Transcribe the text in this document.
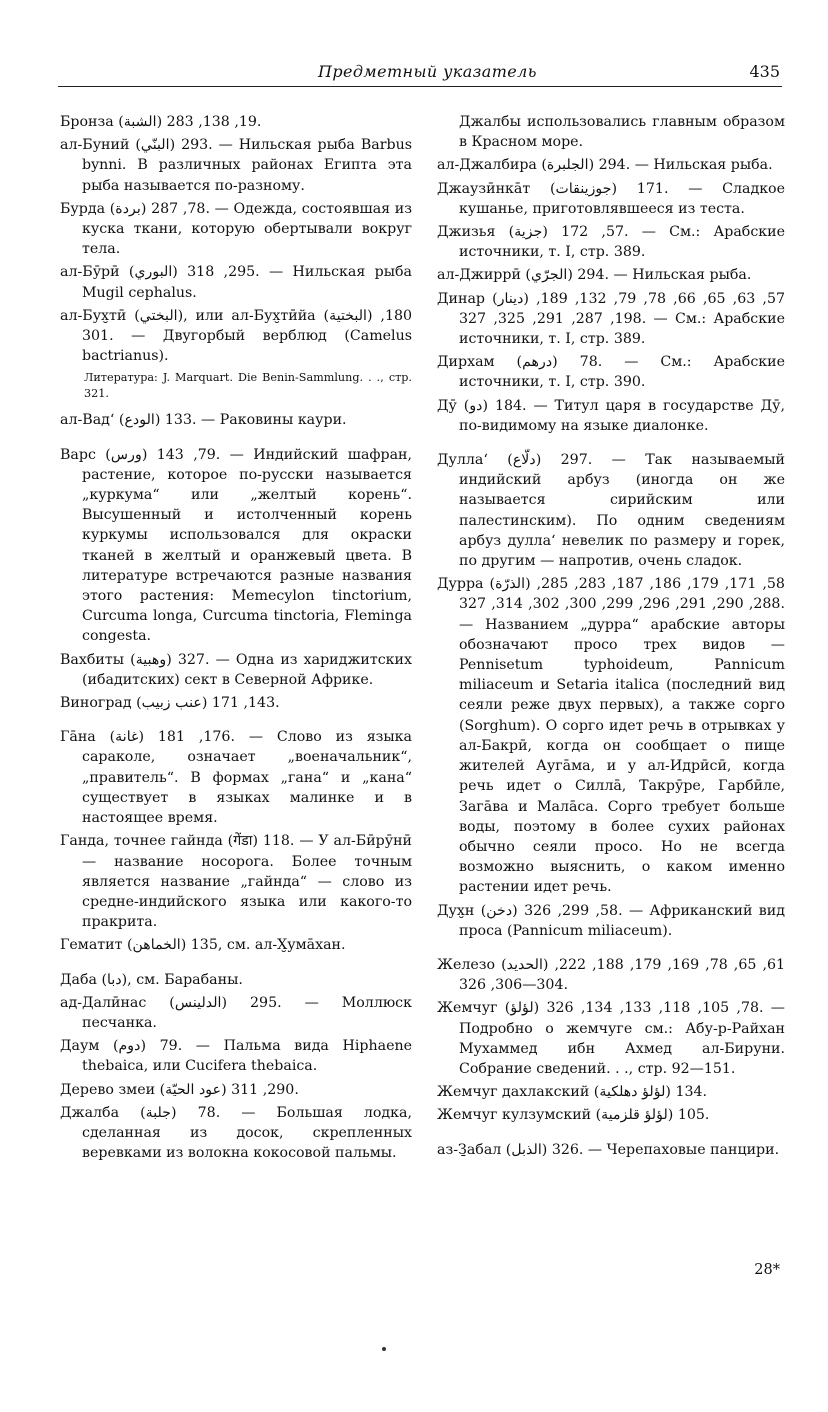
Предметный указатель	435
Бронза (الشبة) 19, 138, 283.
ал-Буний (البنّي) 293. — Нильская рыба Barbus bynni. В различных районах Египта эта рыба называется по-разному.
Бурда (بردة) 78, 287. — Одежда, состоявшая из куска ткани, которую обертывали вокруг тела.
ал-Бӯрӣ (البوري) 295, 318. — Нильская рыба Mugil cephalus.
ал-Бух̮тӣ (البختي), или ал-Бух̮тӣйа (البختية) 180, 301. — Двугорбый верблюд (Camelus bactrianus).
Литература: J. Marquart. Die Benin-Sammlung. . ., стр. 321.
ал-Вад‘ (الودع) 133. — Раковины каури.
Варс (ورس) 79, 143. — Индийский шафран, растение, которое по-русски называется „куркума“ или „желтый корень“. Высушенный и истолченный корень куркумы использовался для окраски тканей в желтый и оранжевый цвета. В литературе встречаются разные названия этого растения: Memecylon tinctorium, Curcuma longa, Curcuma tinctoria, Fleminga congesta.
Вахбиты (وهبية) 327. — Одна из хариджитских (ибадитских) сект в Северной Африке.
Виноград (عنب زبيب) 143, 171.
Гāна (غانة) 176, 181. — Слово из языка сараколе, означает „военачальник“, „правитель“. В формах „гана“ и „кана“ существует в языках малинке и в настоящее время.
Ганда, точнее гайнда (गेंडा) 118. — У ал-Бӣрӯнӣ — название носорога. Более точным является название „гайнда“ — слово из средне-индийского языка или какого-то пракрита.
Гематит (الخماهن) 135, см. ал-Х̮умāхан.
Даба (دبا), см. Барабаны.
ад-Далӣнас (الدلينس) 295. — Моллюск песчанка.
Даум (دوم) 79. — Пальма вида Hiphaene thebaica, или Cucifera thebaica.
Дерево змеи (عود الحيّة) 290, 311.
Джалба (جلبة) 78. — Большая лодка, сделанная из досок, скрепленных веревками из волокна кокосовой пальмы.
Джалбы использовались главным образом в Красном море.
ал-Джалбира (الجلبرة) 294. — Нильская рыба.
Джаузӣнкāт (جوزينقات) 171. — Сладкое кушанье, приготовлявшееся из теста.
Джизья (جزية) 57, 172. — См.: Арабские источники, т. I, стр. 389.
ал-Джиррӣ (الجرّي) 294. — Нильская рыба.
Динар (دينار) 57, 63, 65, 66, 78, 79, 132, 189, 198, 287, 291, 325, 327. — См.: Арабские источники, т. I, стр. 389.
Дирхам (درهم) 78. — См.: Арабские источники, т. I, стр. 390.
Дӯ (دو) 184. — Титул царя в государстве Дӯ, по-видимому на языке диалонке.
Дулла‘ (دلّاع) 297. — Так называемый индийский арбуз (иногда он же называется сирийским или палестинским). По одним сведениям арбуз дулла‘ невелик по размеру и горек, по другим — напротив, очень сладок.
Дурра (الذرّة) 58, 171, 179, 186, 187, 283, 285, 288, 290, 291, 296, 299, 300, 302, 314, 327. — Названием „дурра“ арабские авторы обозначают просо трех видов — Pennisetum typhoideum, Pannicum miliaceum и Setaria italica (последний вид сеяли реже двух первых), а также сорго (Sorghum). О сорго идет речь в отрывках у ал-Бакрӣ, когда он сообщает о пище жителей Аугāма, и у ал-Идрӣсӣ, когда речь идет о Силлā, Такрӯре, Гарбӣле, Загāва и Малāса. Сорго требует больше воды, поэтому в более сухих районах обычно сеяли просо. Но не всегда возможно выяснить, о каком именно растении идет речь.
Дух̮н (دخن) 58, 299, 326. — Африканский вид проса (Pannicum miliaceum).
Железо (الحديد) 61, 65, 78, 169, 179, 188, 222, 304—306, 326.
Жемчуг (لؤلؤ) 78, 105, 118, 133, 134, 326. — Подробно о жемчуге см.: Абу-р-Райхан Мухаммед ибн Ахмед ал-Бируни. Собрание сведений. . ., стр. 92—151.
Жемчуг дахлакский (لؤلؤ دهلكية) 134.
Жемчуг кулзумский (لؤلؤ قلزمية) 105.
аз-З̱абал (الذبل) 326. — Черепаховые панцири.
28*
